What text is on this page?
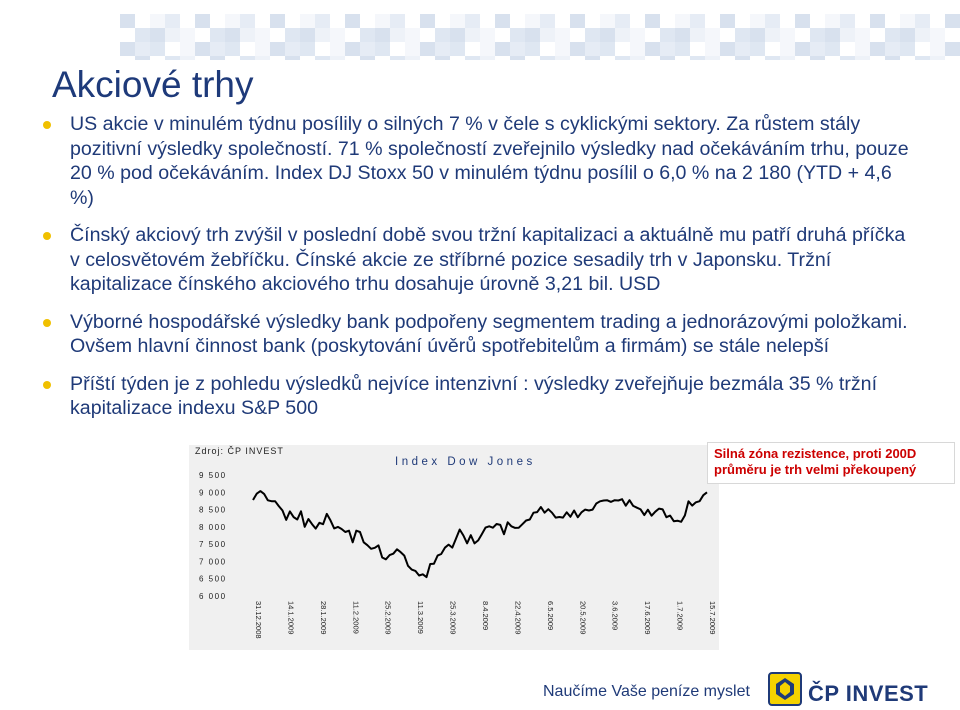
Akciové trhy
US akcie v minulém týdnu posílily o silných 7 % v čele s cyklickými sektory. Za růstem stály pozitivní výsledky společností. 71 % společností zveřejnilo výsledky nad očekáváním trhu, pouze 20 % pod očekáváním. Index DJ Stoxx 50 v minulém týdnu posílil o 6,0 % na 2 180 (YTD + 4,6 %)
Čínský akciový trh zvýšil v poslední době svou tržní kapitalizaci a aktuálně mu patří druhá příčka v celosvětovém žebříčku. Čínské akcie ze stříbrné pozice sesadily trh v Japonsku. Tržní kapitalizace čínského akciového trhu dosahuje úrovně 3,21 bil. USD
Výborné hospodářské výsledky bank podpořeny segmentem trading a jednorázovými položkami. Ovšem hlavní činnost bank (poskytování úvěrů spotřebitelům a firmám) se stále nelepší
Příští týden je z pohledu výsledků nejvíce intenzivní : výsledky zveřejňuje bezmála 35 % tržní kapitalizace indexu S&P 500
Zdroj: ČP INVEST
Index Dow Jones
6 000
6 500
7 000
7 500
8 000
8 500
9 000
9 500
31.12.2008	14.1.2009	28.1.2009	11.2.2009	25.2.2009	11.3.2009	25.3.2009	8.4.2009	22.4.2009	6.5.2009	20.5.2009	3.6.2009	17.6.2009	1.7.2009	15.7.2009
Silná zóna rezistence, proti 200D průměru je trh velmi překoupený
Naučíme Vaše peníze myslet	ČP INVEST
